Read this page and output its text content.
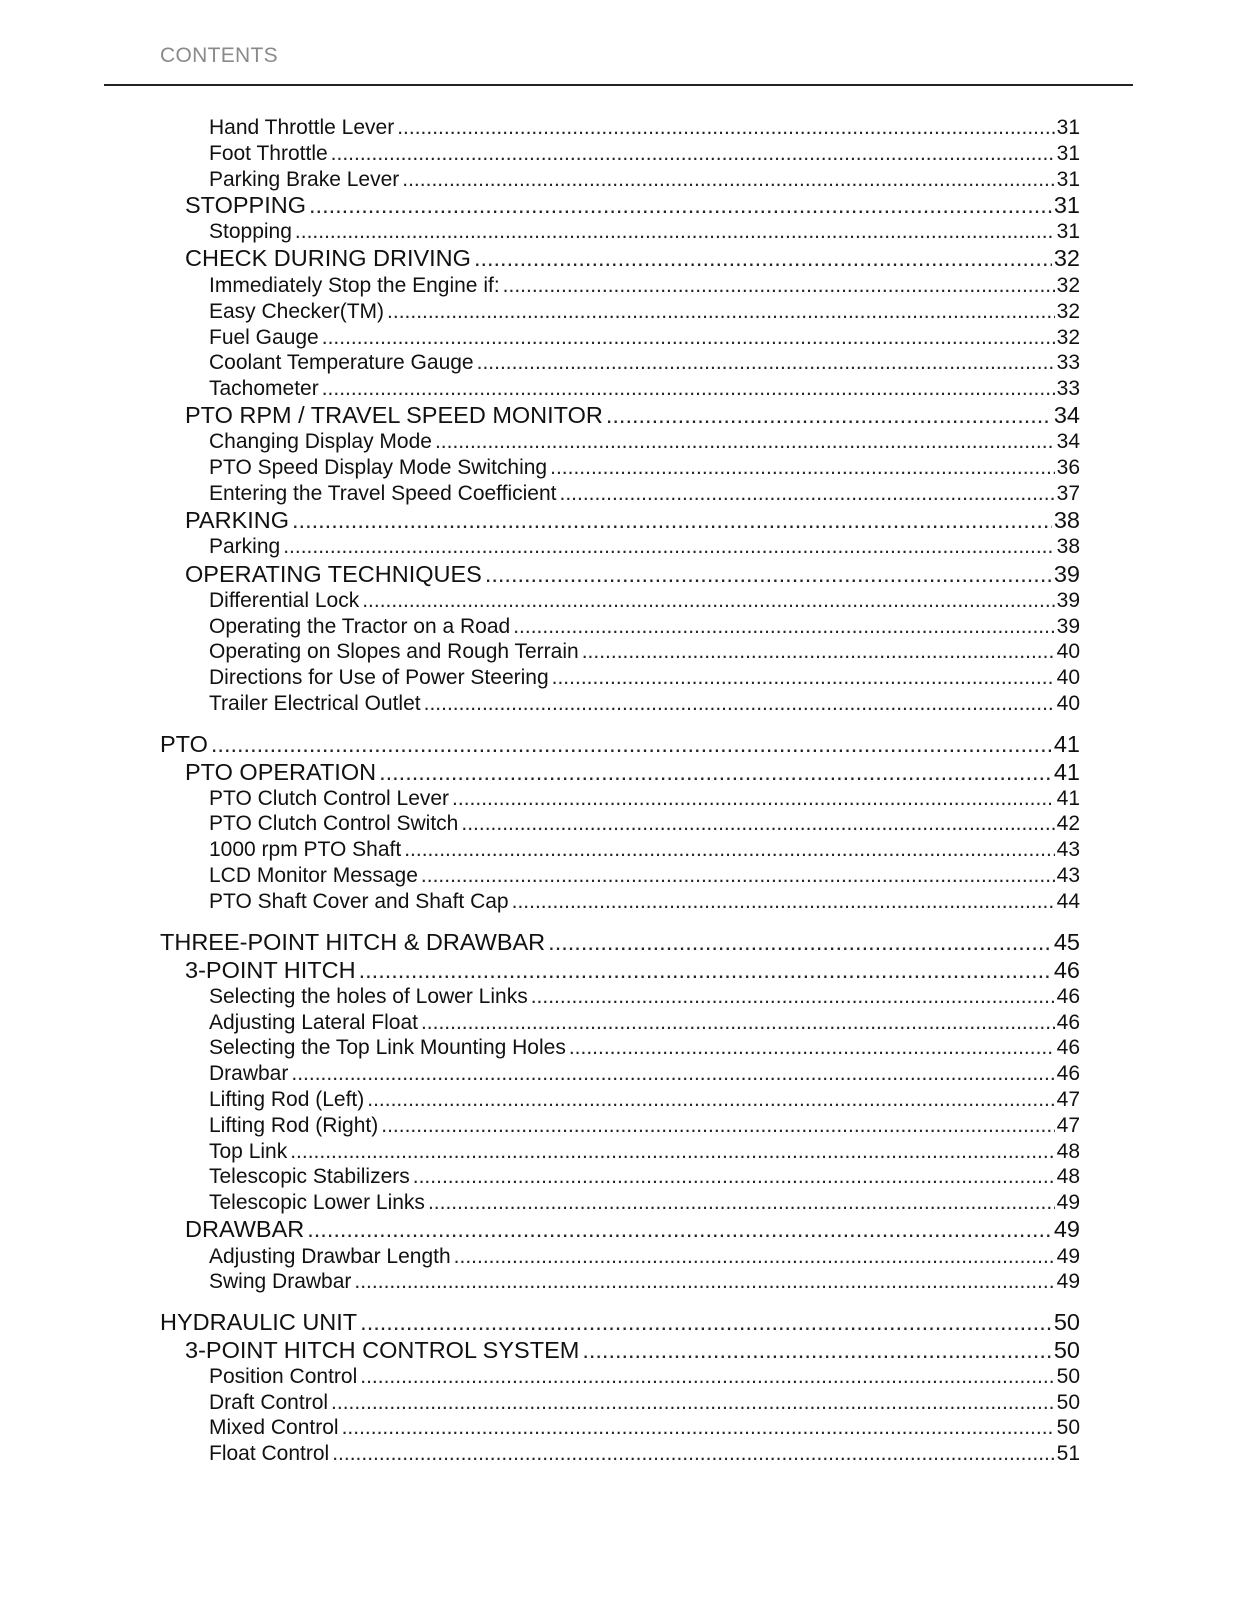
CONTENTS
Hand Throttle Lever .....	31
Foot Throttle .....	31
Parking Brake Lever .....	31
STOPPING .....	31
Stopping .....	31
CHECK DURING DRIVING .....	32
Immediately Stop the Engine if: .....	32
Easy Checker(TM) .....	32
Fuel Gauge .....	32
Coolant Temperature Gauge .....	33
Tachometer .....	33
PTO RPM / TRAVEL SPEED MONITOR .....	34
Changing Display Mode .....	34
PTO Speed Display Mode Switching .....	36
Entering the Travel Speed Coefficient .....	37
PARKING .....	38
Parking .....	38
OPERATING TECHNIQUES .....	39
Differential Lock .....	39
Operating the Tractor on a Road .....	39
Operating on Slopes and Rough Terrain .....	40
Directions for Use of Power Steering .....	40
Trailer Electrical Outlet .....	40
PTO .....	41
PTO OPERATION .....	41
PTO Clutch Control Lever .....	41
PTO Clutch Control Switch .....	42
1000 rpm PTO Shaft .....	43
LCD Monitor Message .....	43
PTO Shaft Cover and Shaft Cap .....	44
THREE-POINT HITCH & DRAWBAR .....	45
3-POINT HITCH .....	46
Selecting the holes of Lower Links .....	46
Adjusting Lateral Float .....	46
Selecting the Top Link Mounting Holes .....	46
Drawbar .....	46
Lifting Rod (Left) .....	47
Lifting Rod (Right) .....	47
Top Link .....	48
Telescopic Stabilizers .....	48
Telescopic Lower Links .....	49
DRAWBAR .....	49
Adjusting Drawbar Length .....	49
Swing Drawbar .....	49
HYDRAULIC UNIT .....	50
3-POINT HITCH CONTROL SYSTEM .....	50
Position Control .....	50
Draft Control .....	50
Mixed Control .....	50
Float Control .....	51
